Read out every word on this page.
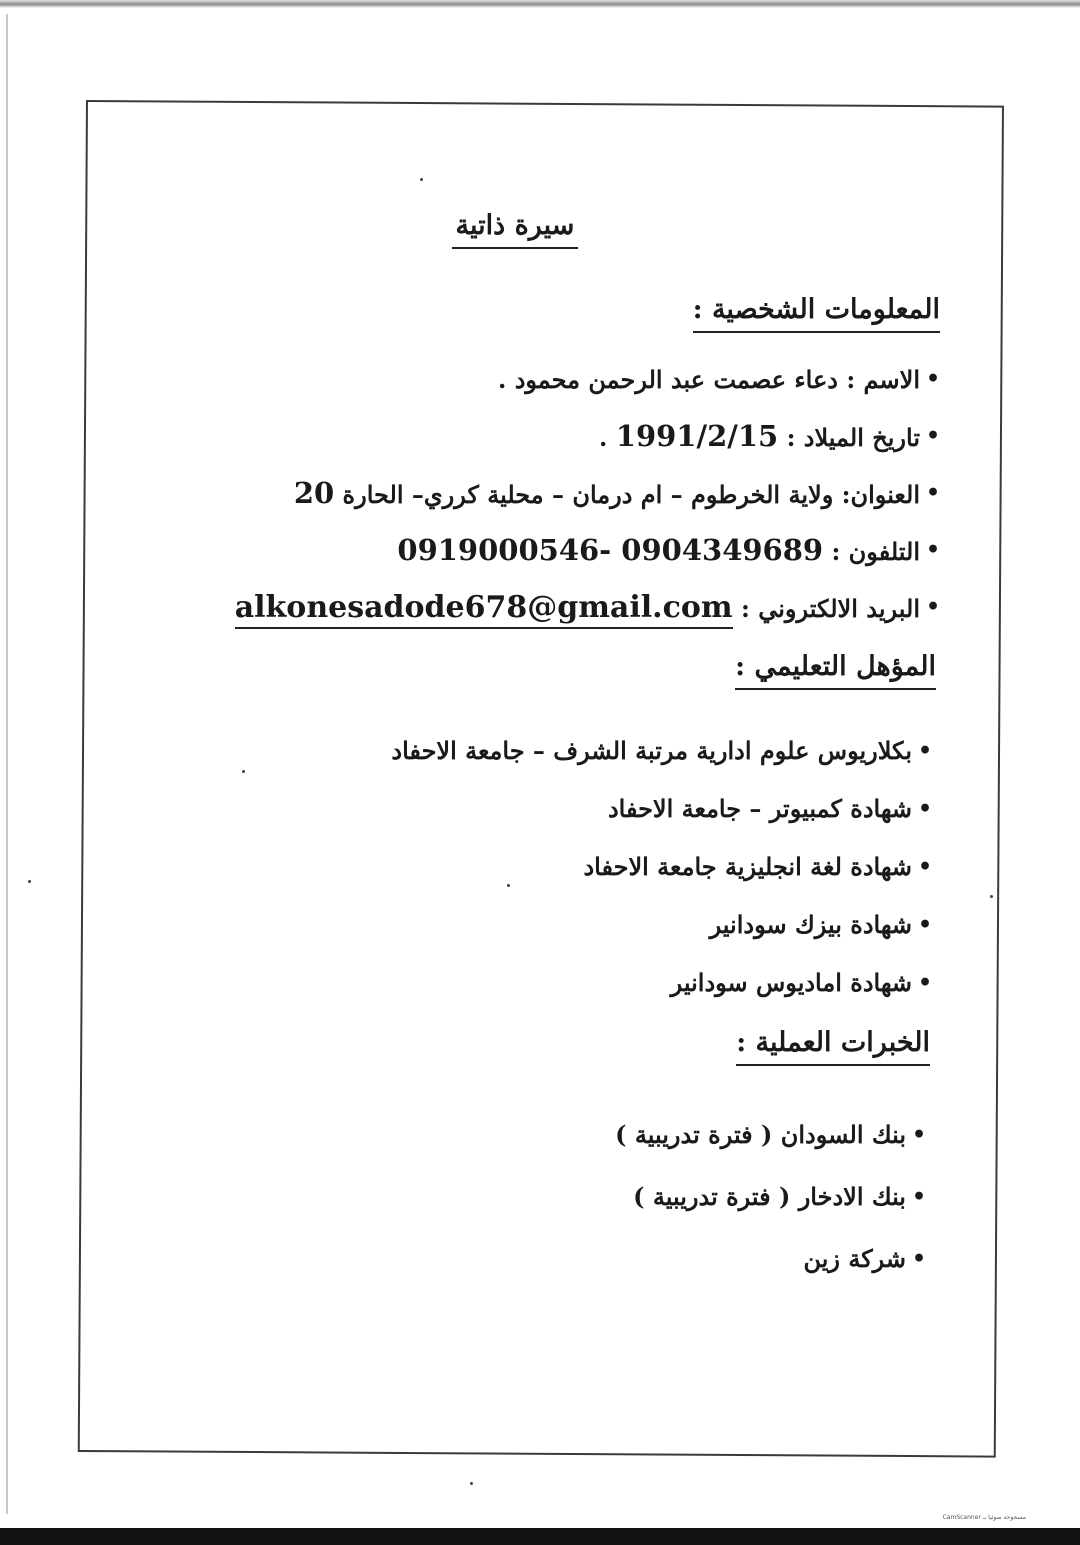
سيرة ذاتية
المعلومات الشخصية :
• الاسم : دعاء عصمت عبد الرحمن محمود .
• تاريخ الميلاد : 1991/2/15 .
• العنوان: ولاية الخرطوم – ام درمان – محلية كرري– الحارة 20
• التلفون : 0919000546- 0904349689
• البريد الالكتروني : alkonesadode678@gmail.com
المؤهل التعليمي :
• بكلاريوس علوم ادارية مرتبة الشرف – جامعة الاحفاد
• شهادة كمبيوتر – جامعة الاحفاد
• شهادة لغة انجليزية جامعة الاحفاد
• شهادة بيزك سودانير
• شهادة اماديوس سودانير
الخبرات العملية :
• بنك السودان ( فترة تدريبية )
• بنك الادخار ( فترة تدريبية )
• شركة زين
CamScanner ﻣﺴﺤﻮﺣﺔ ﺿﻮﺋﻴﺎ ﺑـ
